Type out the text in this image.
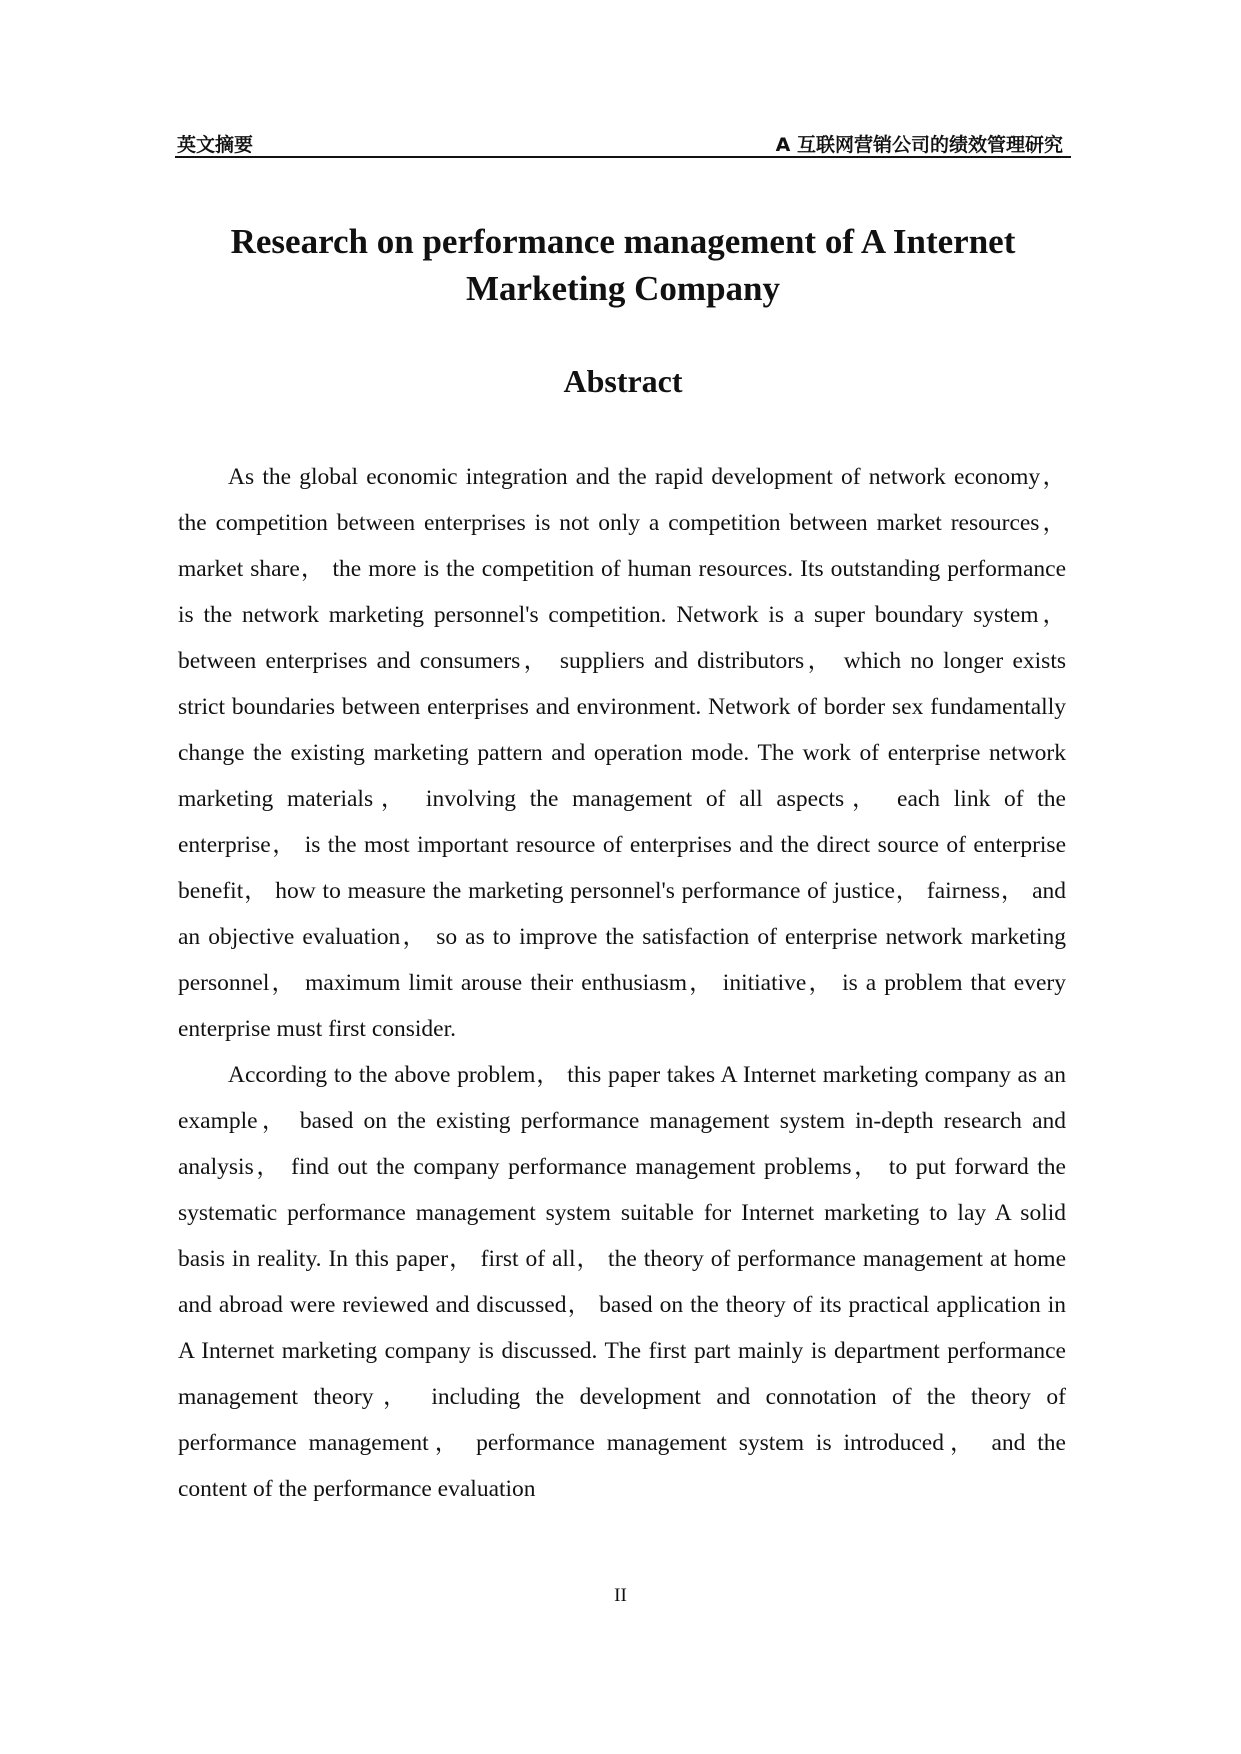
英文摘要	A 互联网营销公司的绩效管理研究
Research on performance management of A Internet Marketing Company
Abstract

As the global economic integration and the rapid development of network economy， the competition between enterprises is not only a competition between market resources， market share， the more is the competition of human resources. Its outstanding performance is the network marketing personnel's competition. Network is a super boundary system， between enterprises and consumers， suppliers and distributors， which no longer exists strict boundaries between enterprises and environment. Network of border sex fundamentally change the existing marketing pattern and operation mode. The work of enterprise network marketing materials， involving the management of all aspects， each link of the enterprise， is the most important resource of enterprises and the direct source of enterprise benefit， how to measure the marketing personnel's performance of justice， fairness， and an objective evaluation， so as to improve the satisfaction of enterprise network marketing personnel， maximum limit arouse their enthusiasm， initiative， is a problem that every enterprise must first consider.

According to the above problem， this paper takes A Internet marketing company as an example， based on the existing performance management system in-depth research and analysis， find out the company performance management problems， to put forward the systematic performance management system suitable for Internet marketing to lay A solid basis in reality. In this paper， first of all， the theory of performance management at home and abroad were reviewed and discussed， based on the theory of its practical application in A Internet marketing company is discussed. The first part mainly is department performance management theory， including the development and connotation of the theory of performance management， performance management system is introduced， and the content of the performance evaluation

II
